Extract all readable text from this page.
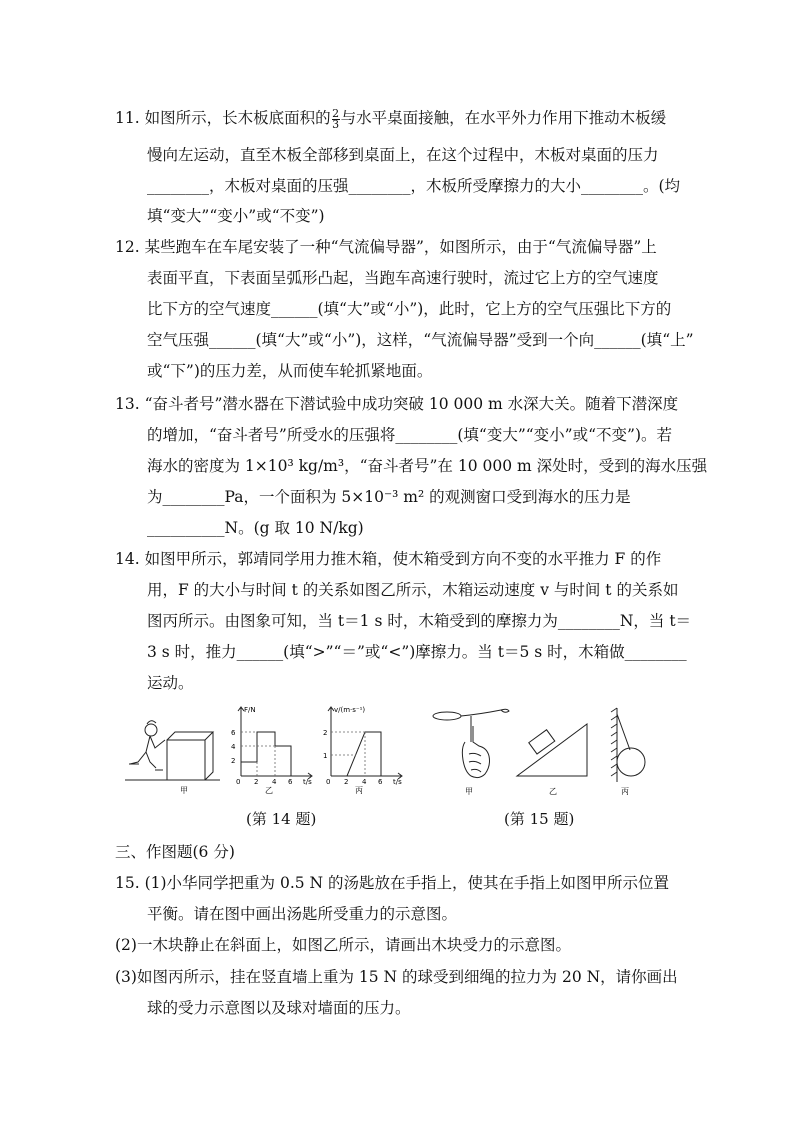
11. 如图所示，长木板底面积的 $\frac{2}{3}$ 与水平桌面接触，在水平外力作用下推动木板缓
慢向左运动，直至木板全部移到桌面上，在这个过程中，木板对桌面的压力
________，木板对桌面的压强________，木板所受摩擦力的大小________。(均
填“变大”“变小”或“不变”)
12. 某些跑车在车尾安装了一种“气流偏导器”，如图所示，由于“气流偏导器”上
表面平直，下表面呈弧形凸起，当跑车高速行驶时，流过它上方的空气速度
比下方的空气速度______(填“大”或“小”)，此时，它上方的空气压强比下方的
空气压强______(填“大”或“小”)，这样，“气流偏导器”受到一个向______(填“上”
或“下”)的压力差，从而使车轮抓紧地面。
13. “奋斗者号”潜水器在下潜试验中成功突破 10 000 m 水深大关。随着下潜深度
的增加，“奋斗者号”所受水的压强将________(填“变大”“变小”或“不变”)。若
海水的密度为 1×10³ kg/m³，“奋斗者号”在 10 000 m 深处时，受到的海水压强
为________Pa，一个面积为 5×10⁻³ m² 的观测窗口受到海水的压力是
__________N。(g 取 10 N/kg)
14. 如图甲所示，郭靖同学用力推木箱，使木箱受到方向不变的水平推力 F 的作
用，F 的大小与时间 t 的关系如图乙所示，木箱运动速度 v 与时间 t 的关系如
图丙所示。由图象可知，当 t＝1 s 时，木箱受到的摩擦力为________N，当 t＝
3 s 时，推力______(填“>”“＝”或“<”)摩擦力。当 t＝5 s 时，木箱做________
运动。
甲
F/N
6
4
2
0 2 4 6 t/s
乙
v/(m·s⁻¹)
2
1
0 2 4 6 t/s
丙	甲	乙	丙
(第 14 题)	(第 15 题)
三、作图题(6 分)
15. (1)小华同学把重为 0.5 N 的汤匙放在手指上，使其在手指上如图甲所示位置
平衡。请在图中画出汤匙所受重力的示意图。
(2)一木块静止在斜面上，如图乙所示，请画出木块受力的示意图。
(3)如图丙所示，挂在竖直墙上重为 15 N 的球受到细绳的拉力为 20 N，请你画出
球的受力示意图以及球对墙面的压力。
